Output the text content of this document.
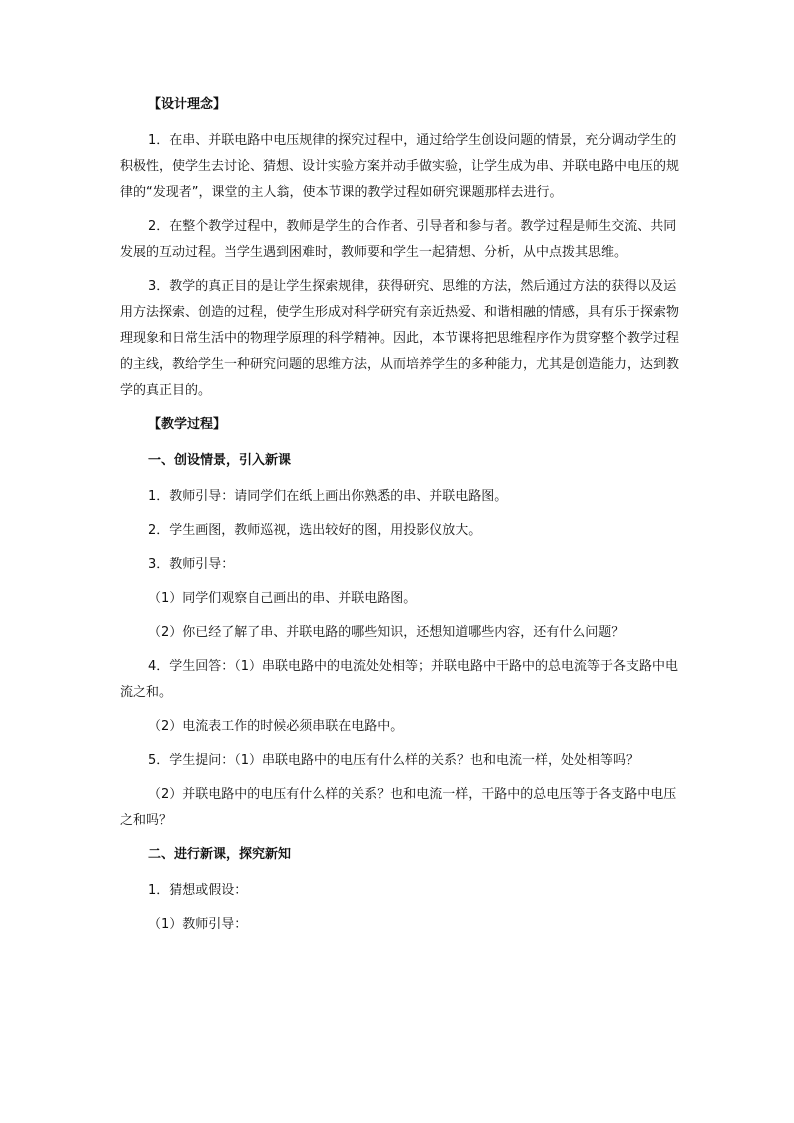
【设计理念】
1．在串、并联电路中电压规律的探究过程中，通过给学生创设问题的情景，充分调动学生的积极性，使学生去讨论、猜想、设计实验方案并动手做实验，让学生成为串、并联电路中电压的规律的“发现者”，课堂的主人翁，使本节课的教学过程如研究课题那样去进行。
2．在整个教学过程中，教师是学生的合作者、引导者和参与者。教学过程是师生交流、共同发展的互动过程。当学生遇到困难时，教师要和学生一起猜想、分析，从中点拨其思维。
3．教学的真正目的是让学生探索规律，获得研究、思维的方法，然后通过方法的获得以及运用方法探索、创造的过程，使学生形成对科学研究有亲近热爱、和谐相融的情感，具有乐于探索物理现象和日常生活中的物理学原理的科学精神。因此，本节课将把思维程序作为贯穿整个教学过程的主线，教给学生一种研究问题的思维方法，从而培养学生的多种能力，尤其是创造能力，达到教学的真正目的。
【教学过程】
一、创设情景，引入新课
1．教师引导：请同学们在纸上画出你熟悉的串、并联电路图。
2．学生画图，教师巡视，选出较好的图，用投影仪放大。
3．教师引导：
（1）同学们观察自己画出的串、并联电路图。
（2）你已经了解了串、并联电路的哪些知识，还想知道哪些内容，还有什么问题？
4．学生回答：（1）串联电路中的电流处处相等；并联电路中干路中的总电流等于各支路中电流之和。
（2）电流表工作的时候必须串联在电路中。
5．学生提问：（1）串联电路中的电压有什么样的关系？也和电流一样，处处相等吗？
（2）并联电路中的电压有什么样的关系？也和电流一样，干路中的总电压等于各支路中电压之和吗？
二、进行新课，探究新知
1．猜想或假设：
（1）教师引导：
